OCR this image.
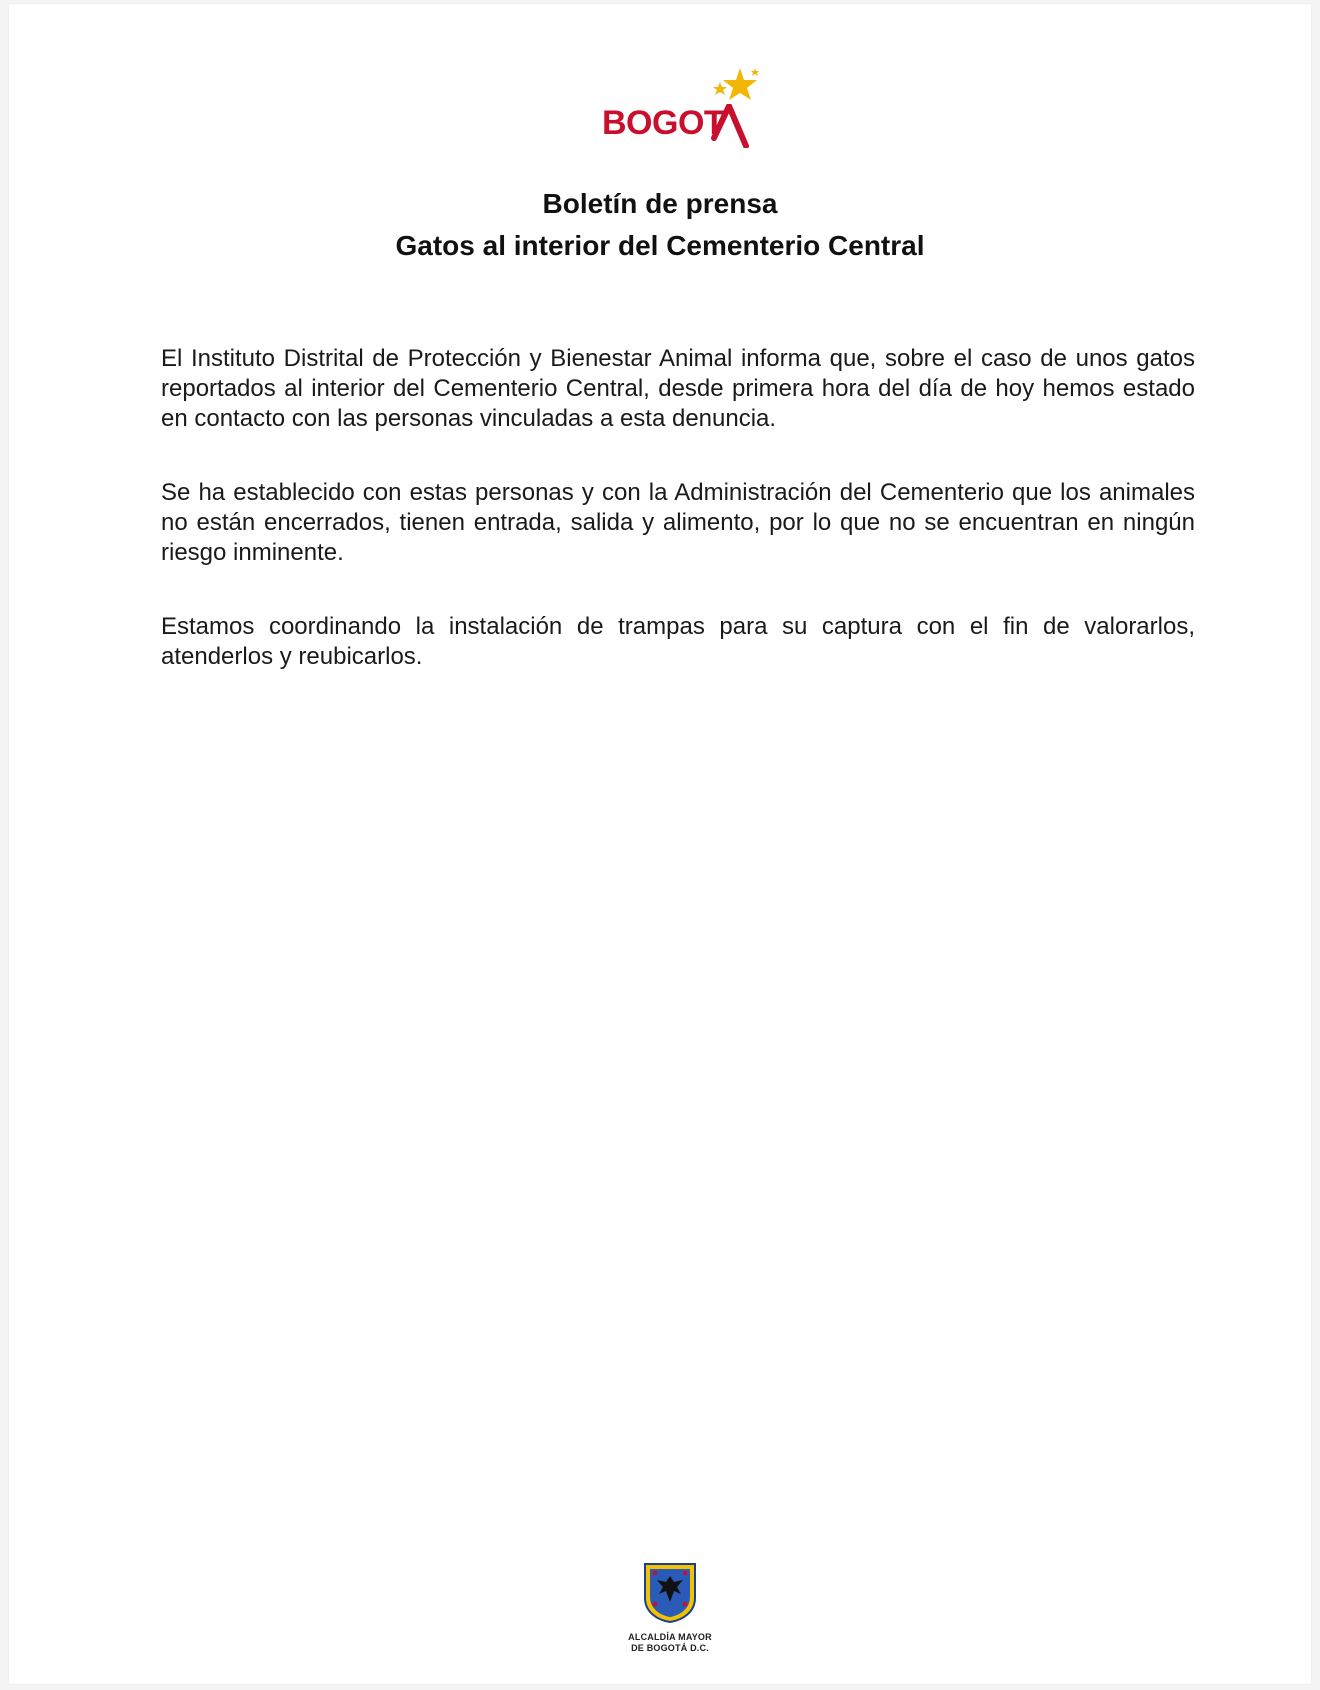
BOGOT
Boletín de prensa
Gatos al interior del Cementerio Central

El Instituto Distrital de Protección y Bienestar Animal informa que, sobre el caso de unos gatos reportados al interior del Cementerio Central, desde primera hora del día de hoy hemos estado en contacto con las personas vinculadas a esta denuncia.

Se ha establecido con estas personas y con la Administración del Cementerio que los animales no están encerrados, tienen entrada, salida y alimento, por lo que no se encuentran en ningún riesgo inminente.

Estamos coordinando la instalación de trampas para su captura con el fin de valorarlos, atenderlos y reubicarlos.

ALCALDÍA MAYOR
DE BOGOTÁ D.C.
